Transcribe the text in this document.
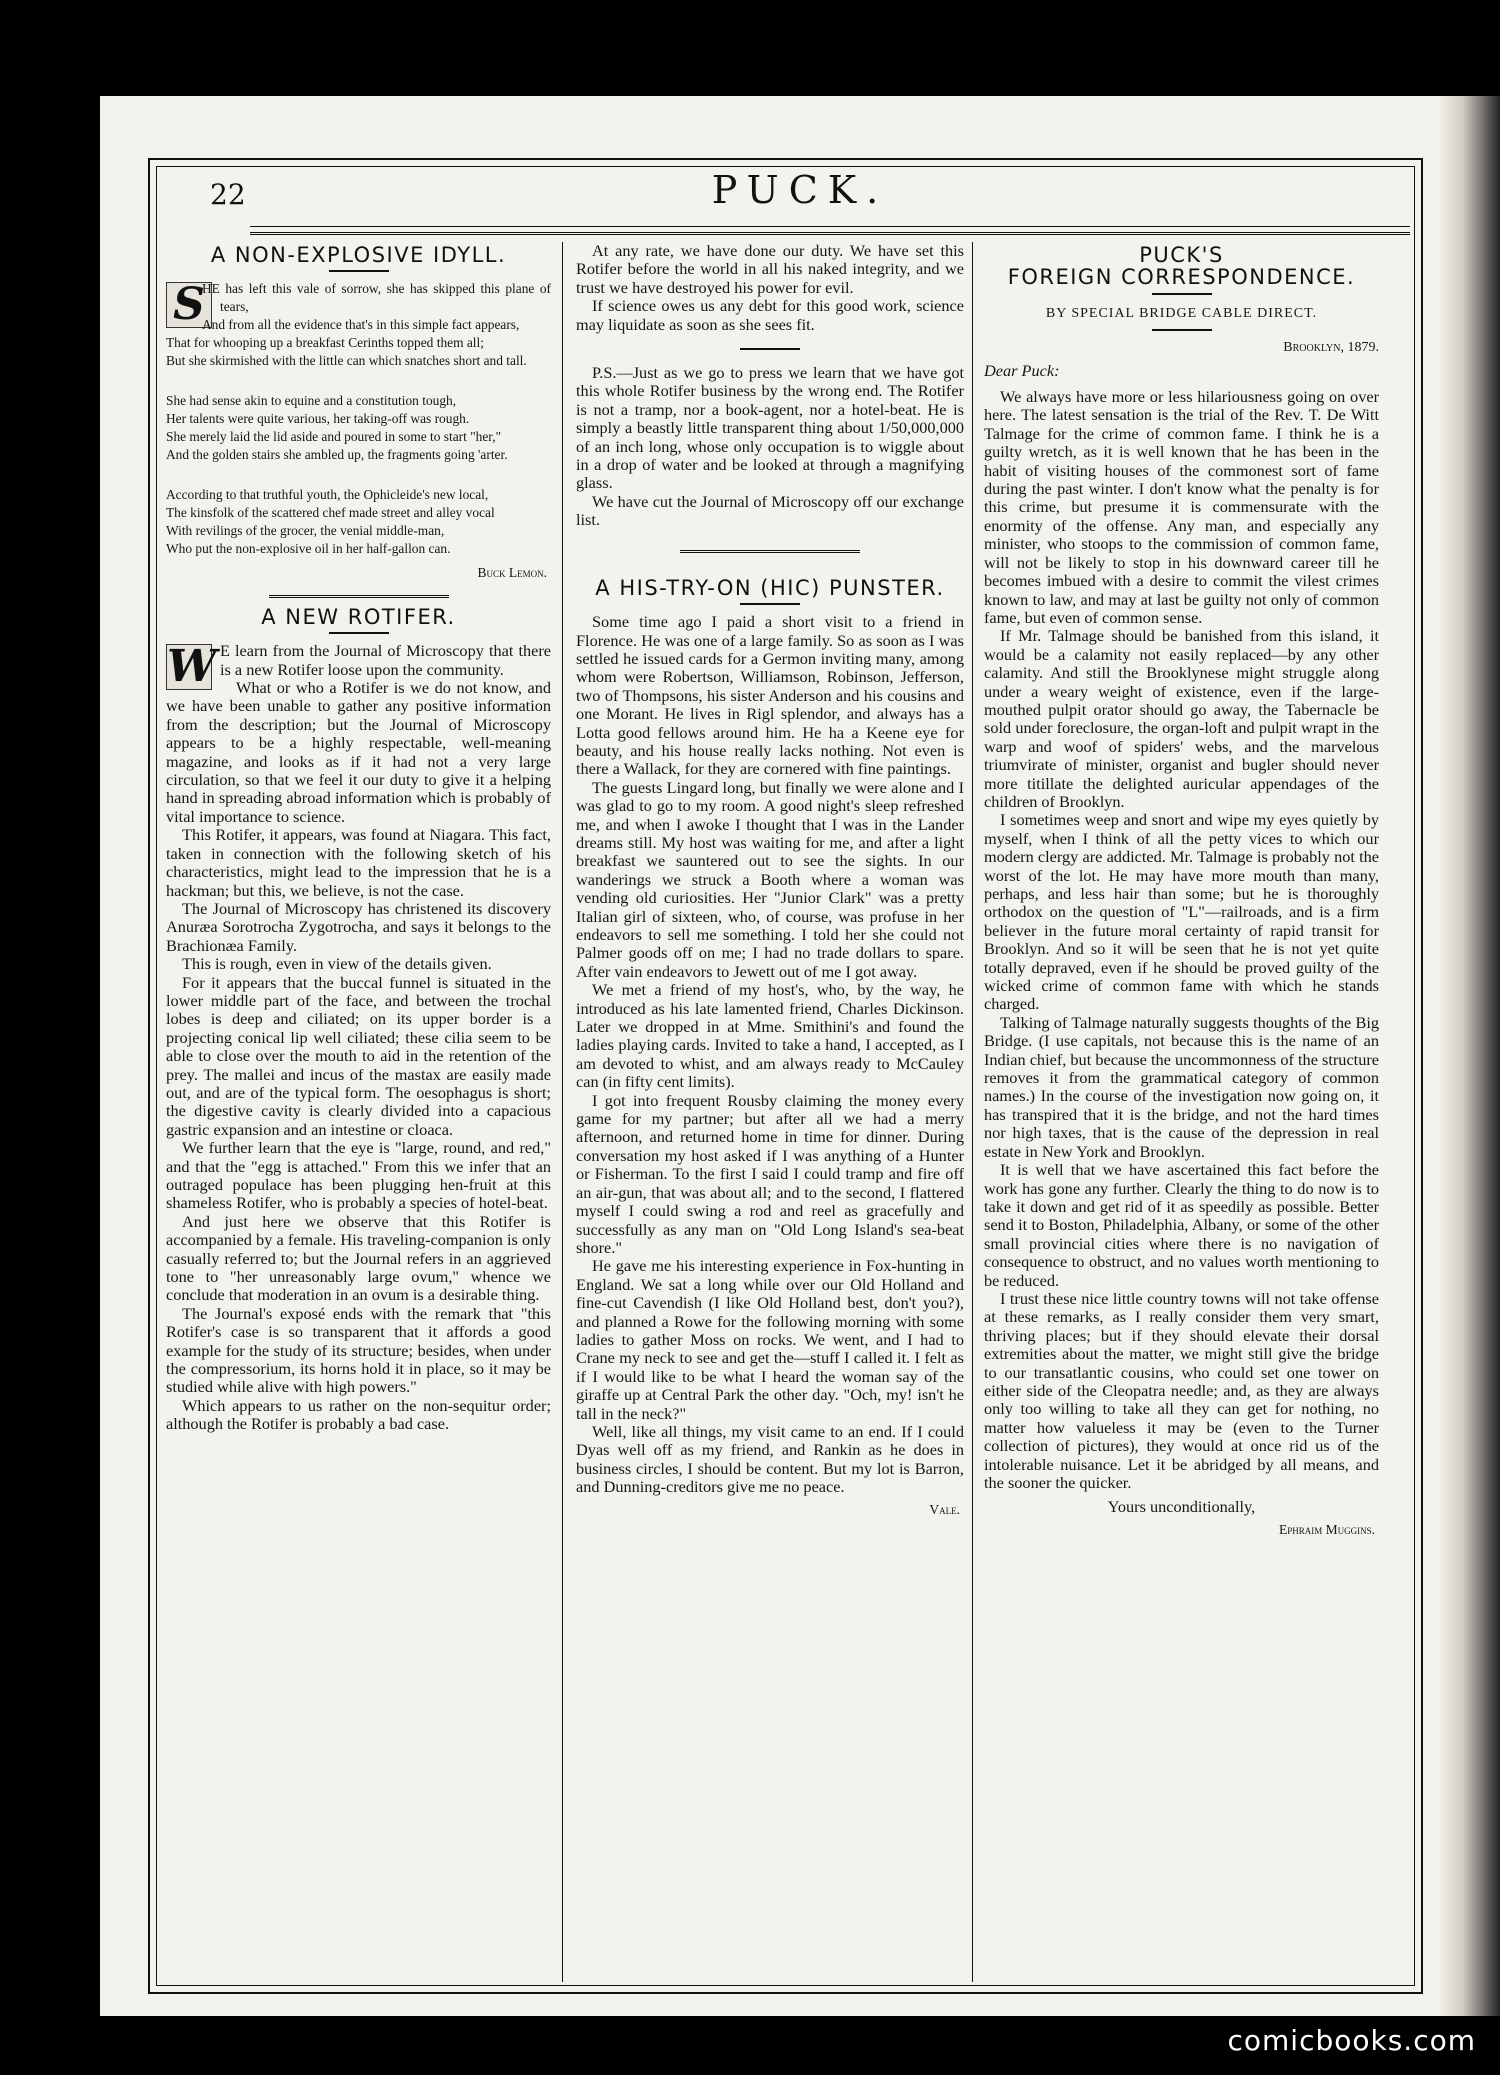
22	PUCK.
A NON-EXPLOSIVE IDYLL.
S
HE has left this vale of sorrow, she has skipped this plane of tears,
And from all the evidence that's in this simple fact appears,
That for whooping up a breakfast Cerinths topped them all;
But she skirmished with the little can which snatches short and tall.
She had sense akin to equine and a constitution tough,
Her talents were quite various, her taking-off was rough.
She merely laid the lid aside and poured in some to start "her,"
And the golden stairs she ambled up, the fragments going 'arter.
According to that truthful youth, the Ophicleide's new local,
The kinsfolk of the scattered chef made street and alley vocal
With revilings of the grocer, the venial middle-man,
Who put the non-explosive oil in her half-gallon can.
Buck Lemon.
A NEW ROTIFER.
W E learn from the Journal of Microscopy that there is a new Rotifer loose upon the community.

What or who a Rotifer is we do not know, and we have been unable to gather any positive information from the description; but the Journal of Microscopy appears to be a highly respectable, well-meaning magazine, and looks as if it had not a very large circulation, so that we feel it our duty to give it a helping hand in spreading abroad information which is probably of vital importance to science.

This Rotifer, it appears, was found at Niagara. This fact, taken in connection with the following sketch of his characteristics, might lead to the impression that he is a hackman; but this, we believe, is not the case.

The Journal of Microscopy has christened its discovery Anuræa Sorotrocha Zygotrocha, and says it belongs to the Brachionæa Family.

This is rough, even in view of the details given.

For it appears that the buccal funnel is situated in the lower middle part of the face, and between the trochal lobes is deep and ciliated; on its upper border is a projecting conical lip well ciliated; these cilia seem to be able to close over the mouth to aid in the retention of the prey. The mallei and incus of the mastax are easily made out, and are of the typical form. The oesophagus is short; the digestive cavity is clearly divided into a capacious gastric expansion and an intestine or cloaca.

We further learn that the eye is "large, round, and red," and that the "egg is attached." From this we infer that an outraged populace has been plugging hen-fruit at this shameless Rotifer, who is probably a species of hotel-beat.

And just here we observe that this Rotifer is accompanied by a female. His traveling-companion is only casually referred to; but the Journal refers in an aggrieved tone to "her unreasonably large ovum," whence we conclude that moderation in an ovum is a desirable thing.

The Journal's exposé ends with the remark that "this Rotifer's case is so transparent that it affords a good example for the study of its structure; besides, when under the compressorium, its horns hold it in place, so it may be studied while alive with high powers."

Which appears to us rather on the non-sequitur order; although the Rotifer is probably a bad case.

At any rate, we have done our duty. We have set this Rotifer before the world in all his naked integrity, and we trust we have destroyed his power for evil.

If science owes us any debt for this good work, science may liquidate as soon as she sees fit.

P.S.—Just as we go to press we learn that we have got this whole Rotifer business by the wrong end. The Rotifer is not a tramp, nor a book-agent, nor a hotel-beat. He is simply a beastly little transparent thing about 1/50,000,000 of an inch long, whose only occupation is to wiggle about in a drop of water and be looked at through a magnifying glass.

We have cut the Journal of Microscopy off our exchange list.

A HIS-TRY-ON (HIC) PUNSTER.

Some time ago I paid a short visit to a friend in Florence. He was one of a large family. So as soon as I was settled he issued cards for a Germon inviting many, among whom were Robertson, Williamson, Robinson, Jefferson, two of Thompsons, his sister Anderson and his cousins and one Morant. He lives in Rigl splendor, and always has a Lotta good fellows around him. He ha a Keene eye for beauty, and his house really lacks nothing. Not even is there a Wallack, for they are cornered with fine paintings.

The guests Lingard long, but finally we were alone and I was glad to go to my room. A good night's sleep refreshed me, and when I awoke I thought that I was in the Lander dreams still. My host was waiting for me, and after a light breakfast we sauntered out to see the sights. In our wanderings we struck a Booth where a woman was vending old curiosities. Her "Junior Clark" was a pretty Italian girl of sixteen, who, of course, was profuse in her endeavors to sell me something. I told her she could not Palmer goods off on me; I had no trade dollars to spare. After vain endeavors to Jewett out of me I got away.

We met a friend of my host's, who, by the way, he introduced as his late lamented friend, Charles Dickinson. Later we dropped in at Mme. Smithini's and found the ladies playing cards. Invited to take a hand, I accepted, as I am devoted to whist, and am always ready to McCauley can (in fifty cent limits).

I got into frequent Rousby claiming the money every game for my partner; but after all we had a merry afternoon, and returned home in time for dinner. During conversation my host asked if I was anything of a Hunter or Fisherman. To the first I said I could tramp and fire off an air-gun, that was about all; and to the second, I flattered myself I could swing a rod and reel as gracefully and successfully as any man on "Old Long Island's sea-beat shore."

He gave me his interesting experience in Fox-hunting in England. We sat a long while over our Old Holland and fine-cut Cavendish (I like Old Holland best, don't you?), and planned a Rowe for the following morning with some ladies to gather Moss on rocks. We went, and I had to Crane my neck to see and get the—stuff I called it. I felt as if I would like to be what I heard the woman say of the giraffe up at Central Park the other day. "Och, my! isn't he tall in the neck?"

Well, like all things, my visit came to an end. If I could Dyas well off as my friend, and Rankin as he does in business circles, I should be content. But my lot is Barron, and Dunning-creditors give me no peace.

Vale.
PUCK'S
FOREIGN CORRESPONDENCE.
BY SPECIAL BRIDGE CABLE DIRECT.
Brooklyn, 1879.

Dear Puck:

We always have more or less hilariousness going on over here. The latest sensation is the trial of the Rev. T. De Witt Talmage for the crime of common fame. I think he is a guilty wretch, as it is well known that he has been in the habit of visiting houses of the commonest sort of fame during the past winter. I don't know what the penalty is for this crime, but presume it is commensurate with the enormity of the offense. Any man, and especially any minister, who stoops to the commission of common fame, will not be likely to stop in his downward career till he becomes imbued with a desire to commit the vilest crimes known to law, and may at last be guilty not only of common fame, but even of common sense.

If Mr. Talmage should be banished from this island, it would be a calamity not easily replaced—by any other calamity. And still the Brooklynese might struggle along under a weary weight of existence, even if the large-mouthed pulpit orator should go away, the Tabernacle be sold under foreclosure, the organ-loft and pulpit wrapt in the warp and woof of spiders' webs, and the marvelous triumvirate of minister, organist and bugler should never more titillate the delighted auricular appendages of the children of Brooklyn.

I sometimes weep and snort and wipe my eyes quietly by myself, when I think of all the petty vices to which our modern clergy are addicted. Mr. Talmage is probably not the worst of the lot. He may have more mouth than many, perhaps, and less hair than some; but he is thoroughly orthodox on the question of "L"—railroads, and is a firm believer in the future moral certainty of rapid transit for Brooklyn. And so it will be seen that he is not yet quite totally depraved, even if he should be proved guilty of the wicked crime of common fame with which he stands charged.

Talking of Talmage naturally suggests thoughts of the Big Bridge. (I use capitals, not because this is the name of an Indian chief, but because the uncommonness of the structure removes it from the grammatical category of common names.) In the course of the investigation now going on, it has transpired that it is the bridge, and not the hard times nor high taxes, that is the cause of the depression in real estate in New York and Brooklyn.

It is well that we have ascertained this fact before the work has gone any further. Clearly the thing to do now is to take it down and get rid of it as speedily as possible. Better send it to Boston, Philadelphia, Albany, or some of the other small provincial cities where there is no navigation of consequence to obstruct, and no values worth mentioning to be reduced.

I trust these nice little country towns will not take offense at these remarks, as I really consider them very smart, thriving places; but if they should elevate their dorsal extremities about the matter, we might still give the bridge to our transatlantic cousins, who could set one tower on either side of the Cleopatra needle; and, as they are always only too willing to take all they can get for nothing, no matter how valueless it may be (even to the Turner collection of pictures), they would at once rid us of the intolerable nuisance. Let it be abridged by all means, and the sooner the quicker.

Yours unconditionally,
Ephraim Muggins.
comicbooks.com
